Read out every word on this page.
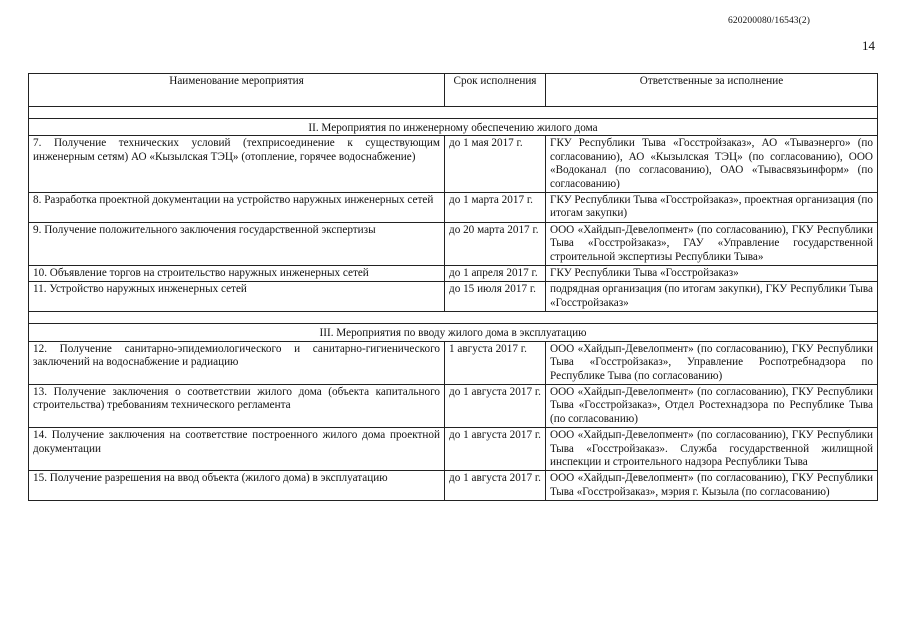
620200080/16543(2)
14
Наименование мероприятия	Срок исполнения	Ответственные за исполнение

II. Мероприятия по инженерному обеспечению жилого дома		
7. Получение технических условий (техприсоединение к существующим инженерным сетям) АО «Кызылская ТЭЦ» (отопление, горячее водоснабжение)	до 1 мая 2017 г.	ГКУ Республики Тыва «Госстройзаказ», АО «Тываэнерго» (по согласованию), АО «Кызылская ТЭЦ» (по согласованию), ООО «Водоканал (по согласованию), ОАО «Тывасвязьинформ» (по согласованию)
8. Разработка проектной документации на устройство наружных инженерных сетей	до 1 марта 2017 г.	ГКУ Республики Тыва «Госстройзаказ», проектная организация (по итогам закупки)
9. Получение положительного заключения государственной экспертизы	до 20 марта 2017 г.	ООО «Хайдып-Девелопмент» (по согласованию), ГКУ Республики Тыва «Госстройзаказ», ГАУ «Управление государственной строительной экспертизы Республики Тыва»
10. Объявление торгов на строительство наружных инженерных сетей	до 1 апреля 2017 г.	ГКУ Республики Тыва «Госстройзаказ»
11. Устройство наружных инженерных сетей	до 15 июля 2017 г.	подрядная организация (по итогам закупки), ГКУ Республики Тыва «Госстройзаказ»

III. Мероприятия по вводу жилого дома в эксплуатацию		
12. Получение санитарно-эпидемиологического и санитарно-гигиенического заключений на водоснабжение и радиацию	1 августа 2017 г.	ООО «Хайдып-Девелопмент» (по согласованию), ГКУ Республики Тыва «Госстройзаказ», Управление Роспотребнадзора по Республике Тыва (по согласованию)
13. Получение заключения о соответствии жилого дома (объекта капитального строительства) требованиям технического регламента	до 1 августа 2017 г.	ООО «Хайдып-Девелопмент» (по согласованию), ГКУ Республики Тыва «Госстройзаказ», Отдел Ростехнадзора по Республике Тыва (по согласованию)
14. Получение заключения на соответствие построенного жилого дома проектной документации	до 1 августа 2017 г.	ООО «Хайдып-Девелопмент» (по согласованию), ГКУ Республики Тыва «Госстройзаказ». Служба государственной жилищной инспекции и строительного надзора Республики Тыва
15. Получение разрешения на ввод объекта (жилого дома) в эксплуатацию	до 1 августа 2017 г.	ООО «Хайдып-Девелопмент» (по согласованию), ГКУ Республики Тыва «Госстройзаказ», мэрия г. Кызыла (по согласованию)
